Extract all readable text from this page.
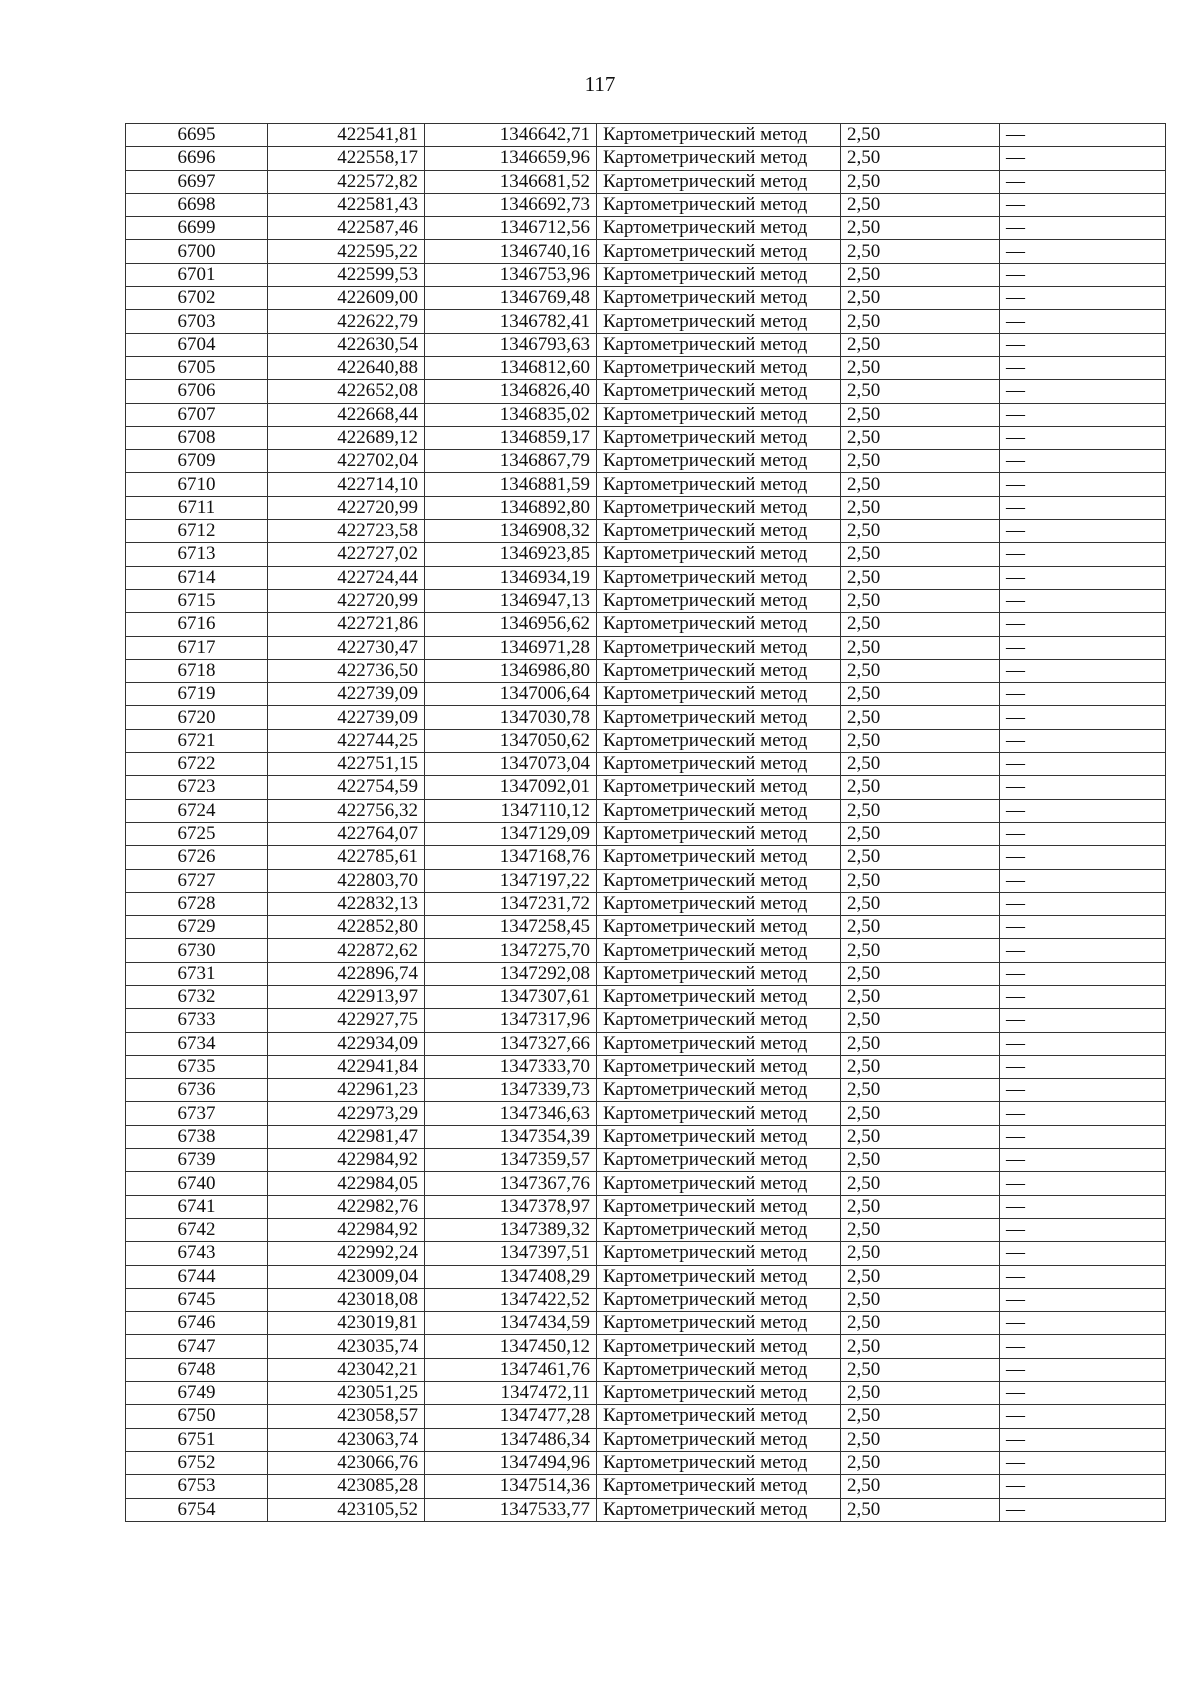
117
6695	422541,81	1346642,71	Картометрический метод	2,50	—
6696	422558,17	1346659,96	Картометрический метод	2,50	—
6697	422572,82	1346681,52	Картометрический метод	2,50	—
6698	422581,43	1346692,73	Картометрический метод	2,50	—
6699	422587,46	1346712,56	Картометрический метод	2,50	—
6700	422595,22	1346740,16	Картометрический метод	2,50	—
6701	422599,53	1346753,96	Картометрический метод	2,50	—
6702	422609,00	1346769,48	Картометрический метод	2,50	—
6703	422622,79	1346782,41	Картометрический метод	2,50	—
6704	422630,54	1346793,63	Картометрический метод	2,50	—
6705	422640,88	1346812,60	Картометрический метод	2,50	—
6706	422652,08	1346826,40	Картометрический метод	2,50	—
6707	422668,44	1346835,02	Картометрический метод	2,50	—
6708	422689,12	1346859,17	Картометрический метод	2,50	—
6709	422702,04	1346867,79	Картометрический метод	2,50	—
6710	422714,10	1346881,59	Картометрический метод	2,50	—
6711	422720,99	1346892,80	Картометрический метод	2,50	—
6712	422723,58	1346908,32	Картометрический метод	2,50	—
6713	422727,02	1346923,85	Картометрический метод	2,50	—
6714	422724,44	1346934,19	Картометрический метод	2,50	—
6715	422720,99	1346947,13	Картометрический метод	2,50	—
6716	422721,86	1346956,62	Картометрический метод	2,50	—
6717	422730,47	1346971,28	Картометрический метод	2,50	—
6718	422736,50	1346986,80	Картометрический метод	2,50	—
6719	422739,09	1347006,64	Картометрический метод	2,50	—
6720	422739,09	1347030,78	Картометрический метод	2,50	—
6721	422744,25	1347050,62	Картометрический метод	2,50	—
6722	422751,15	1347073,04	Картометрический метод	2,50	—
6723	422754,59	1347092,01	Картометрический метод	2,50	—
6724	422756,32	1347110,12	Картометрический метод	2,50	—
6725	422764,07	1347129,09	Картометрический метод	2,50	—
6726	422785,61	1347168,76	Картометрический метод	2,50	—
6727	422803,70	1347197,22	Картометрический метод	2,50	—
6728	422832,13	1347231,72	Картометрический метод	2,50	—
6729	422852,80	1347258,45	Картометрический метод	2,50	—
6730	422872,62	1347275,70	Картометрический метод	2,50	—
6731	422896,74	1347292,08	Картометрический метод	2,50	—
6732	422913,97	1347307,61	Картометрический метод	2,50	—
6733	422927,75	1347317,96	Картометрический метод	2,50	—
6734	422934,09	1347327,66	Картометрический метод	2,50	—
6735	422941,84	1347333,70	Картометрический метод	2,50	—
6736	422961,23	1347339,73	Картометрический метод	2,50	—
6737	422973,29	1347346,63	Картометрический метод	2,50	—
6738	422981,47	1347354,39	Картометрический метод	2,50	—
6739	422984,92	1347359,57	Картометрический метод	2,50	—
6740	422984,05	1347367,76	Картометрический метод	2,50	—
6741	422982,76	1347378,97	Картометрический метод	2,50	—
6742	422984,92	1347389,32	Картометрический метод	2,50	—
6743	422992,24	1347397,51	Картометрический метод	2,50	—
6744	423009,04	1347408,29	Картометрический метод	2,50	—
6745	423018,08	1347422,52	Картометрический метод	2,50	—
6746	423019,81	1347434,59	Картометрический метод	2,50	—
6747	423035,74	1347450,12	Картометрический метод	2,50	—
6748	423042,21	1347461,76	Картометрический метод	2,50	—
6749	423051,25	1347472,11	Картометрический метод	2,50	—
6750	423058,57	1347477,28	Картометрический метод	2,50	—
6751	423063,74	1347486,34	Картометрический метод	2,50	—
6752	423066,76	1347494,96	Картометрический метод	2,50	—
6753	423085,28	1347514,36	Картометрический метод	2,50	—
6754	423105,52	1347533,77	Картометрический метод	2,50	—
